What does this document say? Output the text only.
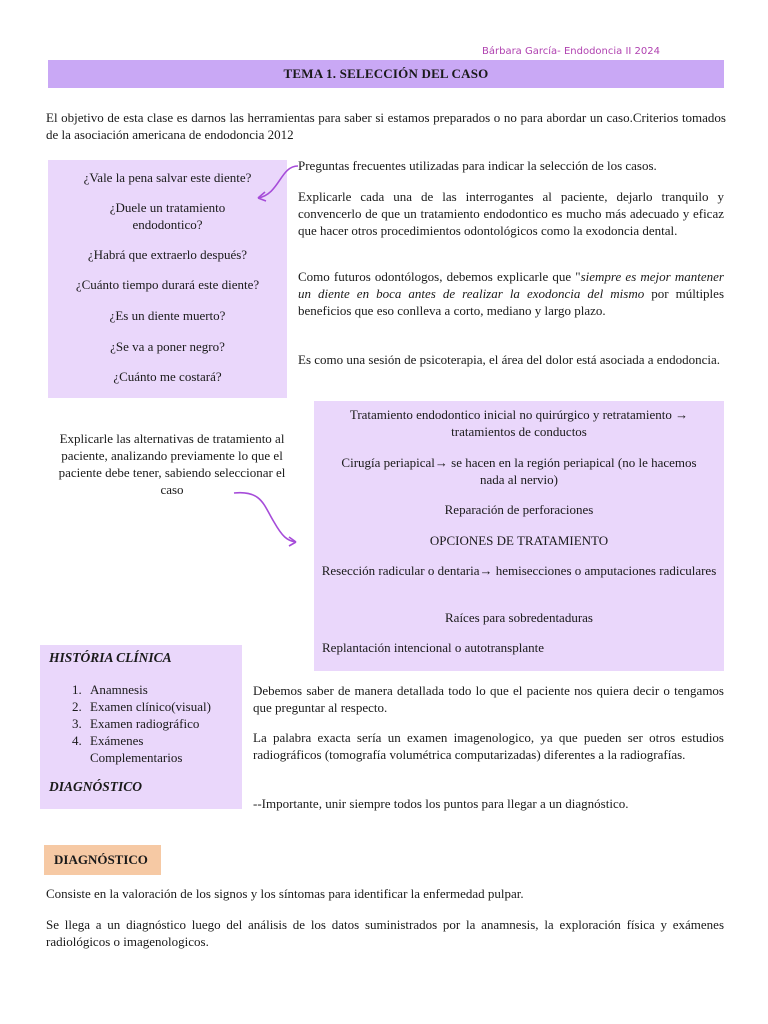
Bárbara García- Endodoncia II 2024
TEMA 1. SELECCIÓN DEL CASO
El objetivo de esta clase es darnos las herramientas para saber si estamos preparados o no para abordar un caso.Criterios tomados de la asociación americana de endodoncia 2012
¿Vale la pena salvar este diente?
¿Duele un tratamiento endodontico?
¿Habrá que extraerlo después?
¿Cuánto tiempo durará este diente?
¿Es un diente muerto?
¿Se va a poner negro?
¿Cuánto me costará?
Preguntas frecuentes utilizadas para indicar la selección de los casos.
Explicarle cada una de las interrogantes al paciente, dejarlo tranquilo y convencerlo de que un tratamiento endodontico es mucho más adecuado y eficaz que hacer otros procedimientos odontológicos como la exodoncia dental.
Como futuros odontólogos, debemos explicarle que "siempre es mejor mantener un diente en boca antes de realizar la exodoncia del mismo por múltiples beneficios que eso conlleva a corto, mediano y largo plazo.
Es como una sesión de psicoterapia, el área del dolor está asociada a endodoncia.
Tratamiento endodontico inicial no quirúrgico y retratamiento → tratamientos de conductos
Cirugía periapical→ se hacen en la región periapical (no le hacemos nada al nervio)
Reparación de perforaciones
OPCIONES DE TRATAMIENTO
Resección radicular o dentaria→ hemisecciones o amputaciones radiculares
Raíces para sobredentaduras
Replantación intencional o autotransplante
Explicarle las alternativas de tratamiento al paciente, analizando previamente lo que el paciente debe tener, sabiendo seleccionar el caso
HISTÓRIA CLÍNICA
1. Anamnesis
2. Examen clínico(visual)
3. Examen radiográfico
4. Exámenes Complementarios
DIAGNÓSTICO
Debemos saber de manera detallada todo lo que el paciente nos quiera decir o tengamos que preguntar al respecto.
La palabra exacta sería un examen imagenologico, ya que pueden ser otros estudios radiográficos (tomografía volumétrica computarizadas) diferentes a la radiografías.
--Importante, unir siempre todos los puntos para llegar a un diagnóstico.
DIAGNÓSTICO
Consiste en la valoración de los signos y los síntomas para identificar la enfermedad pulpar.
Se llega a un diagnóstico luego del análisis de los datos suministrados por la anamnesis, la exploración física y exámenes radiológicos o imagenologicos.
